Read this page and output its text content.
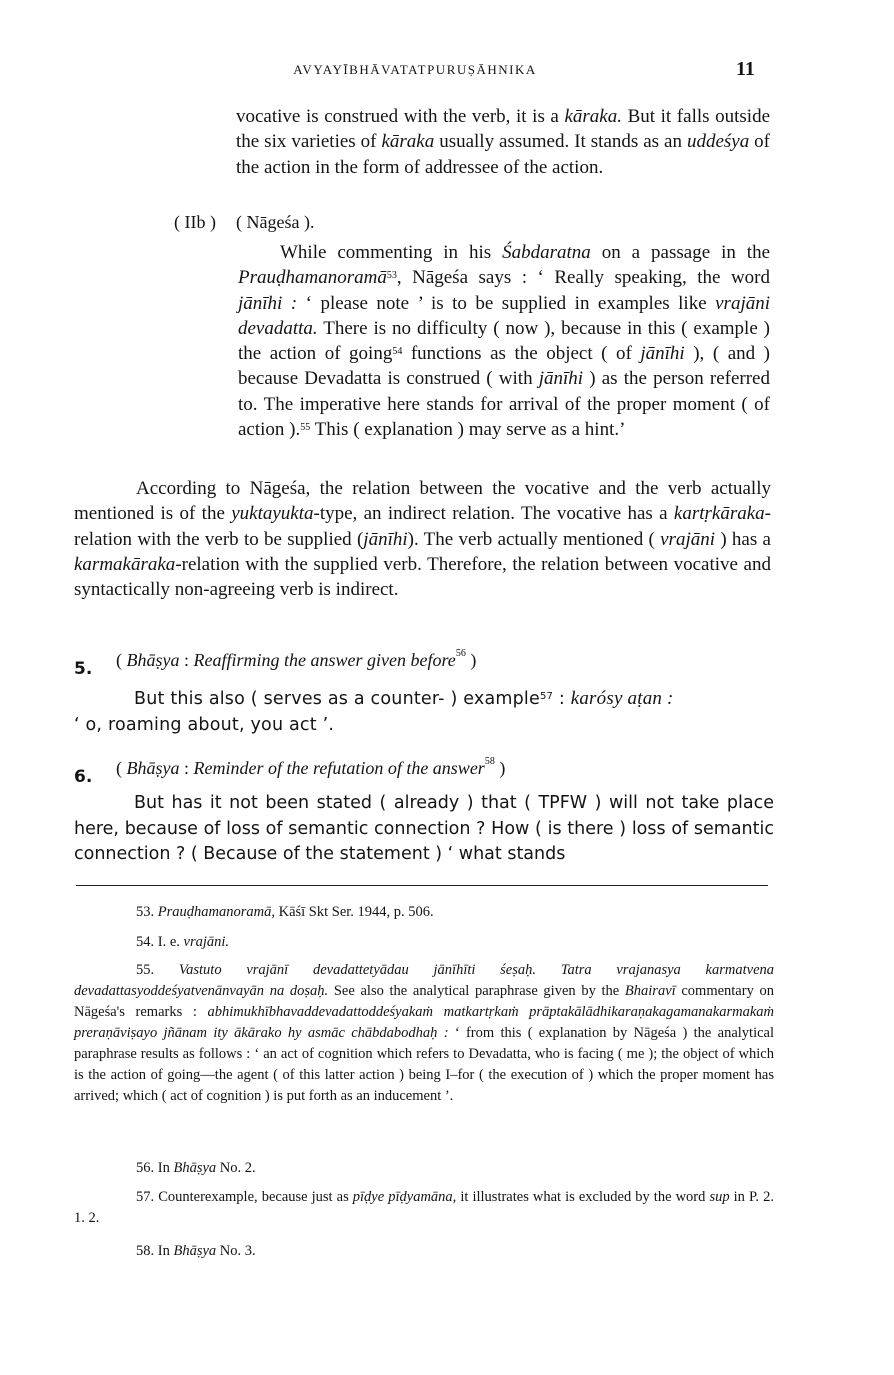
AVYAYĪBHĀVATATPURUṢĀHNIKA	11

vocative is construed with the verb, it is a kāraka. But it falls outside the six varieties of kāraka usually assumed. It stands as an uddeśya of the action in the form of addressee of the action.

( IIb ) ( Nāgeśa ).

While commenting in his Śabdaratna on a passage in the Prauḍhamanoramā$^{53}$, Nāgeśa says : ‘ Really speaking, the word jānīhi : ‘ please note ’ is to be supplied in examples like vrajāni devadatta. There is no difficulty ( now ), because in this ( example ) the action of going$^{54}$ functions as the object ( of jānīhi ), ( and ) because Devadatta is construed ( with jānīhi ) as the person referred to. The imperative here stands for arrival of the proper moment ( of action ).$^{55}$ This ( explanation ) may serve as a hint.’

According to Nāgeśa, the relation between the vocative and the verb actually mentioned is of the yuktayukta-type, an indirect relation. The vocative has a kartṛkāraka-relation with the verb to be supplied (jānīhi). The verb actually mentioned ( vrajāni ) has a karmakāraka-relation with the supplied verb. Therefore, the relation between vocative and syntactically non-agreeing verb is indirect.

5. ( Bhāṣya : Reaffirming the answer given before$^{56}$ )

But this also ( serves as a counter- ) example$^{57}$ : karósy aṭan :
‘ o, roaming about, you act ’.

6. ( Bhāṣya : Reminder of the refutation of the answer$^{58}$ )

But has it not been stated ( already ) that ( TPFW ) will not take place here, because of loss of semantic connection ? How ( is there ) loss of semantic connection ? ( Because of the statement ) ‘ what stands

53. Prauḍhamanoramā, Kāśī Skt Ser. 1944, p. 506.

54. I. e. vrajāni.

55. Vastuto vrajānī devadattetyādau jānīhīti śeṣaḥ. Tatra vrajanasya karmatvena devadattasyoddeśyatvenānvayān na doṣaḥ. See also the analytical paraphrase given by the Bhairavī commentary on Nāgeśa's remarks : abhimukhībhavaddevadattoddeśyakaṁ matkartṛkaṁ prāptakālādhikaraṇakagamanakarmakaṁ preraṇāviṣayo jñānam ity ākārako hy asmāc chābdabodhaḥ : ‘ from this ( explanation by Nāgeśa ) the analytical paraphrase results as follows : ‘ an act of cognition which refers to Devadatta, who is facing ( me ); the object of which is the action of going—the agent ( of this latter action ) being I–for ( the execution of ) which the proper moment has arrived; which ( act of cognition ) is put forth as an inducement ’.

56. In Bhāṣya No. 2.

57. Counterexample, because just as pīḍye pīḍyamāna, it illustrates what is excluded by the word sup in P. 2. 1. 2.

58. In Bhāṣya No. 3.
